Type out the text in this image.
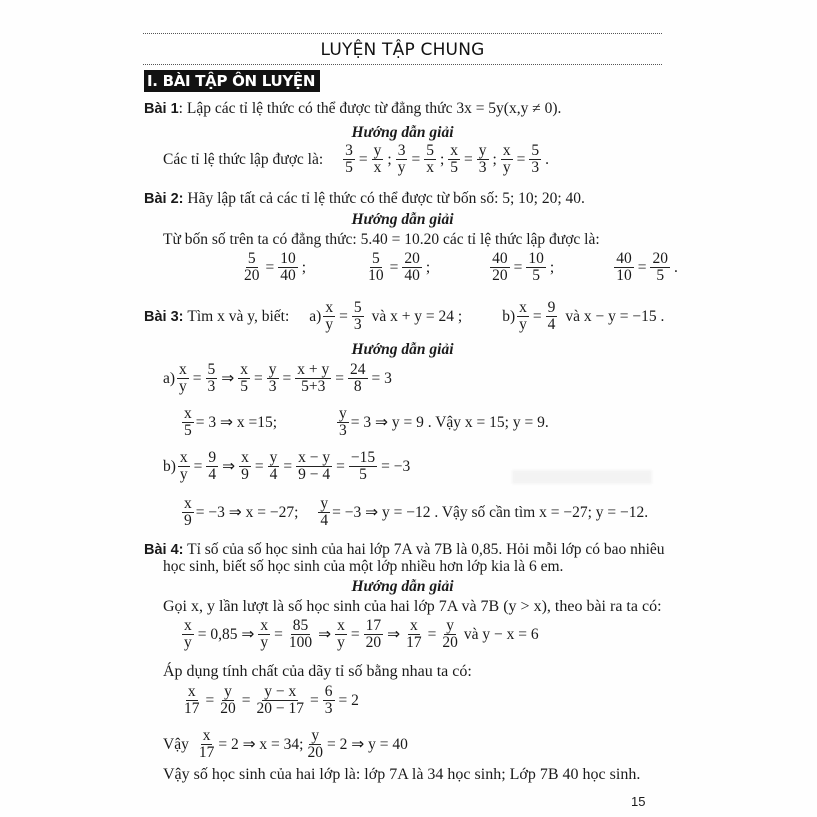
LUYỆN TẬP CHUNG
I. BÀI TẬP ÔN LUYỆN
Bài 1: Lập các tỉ lệ thức có thể được từ đẳng thức 3x = 5y(x,y ≠ 0).
Hướng dẫn giải
Các tỉ lệ thức lập được là: $\frac{3}{5} = \frac{y}{x}$ ; $\frac{3}{y} = \frac{5}{x}$ ; $\frac{x}{5} = \frac{y}{3}$ ; $\frac{x}{y} = \frac{5}{3}$ .
Bài 2: Hãy lập tất cả các tỉ lệ thức có thể được từ bốn số: 5; 10; 20; 40.
Hướng dẫn giải
Từ bốn số trên ta có đẳng thức: 5.40 = 10.20 các tỉ lệ thức lập được là:
$\frac{5}{20} = \frac{10}{40}$ ;	$\frac{5}{10} = \frac{20}{40}$ ;	$\frac{40}{20} = \frac{10}{5}$ ;	$\frac{40}{10} = \frac{20}{5}$ .
Bài 3:
Tìm x và y, biết: $a) \frac{x}{y} = \frac{5}{3}$ và x + y = 24 ;	$b) \frac{x}{y} = \frac{9}{4}$ và x − y = −15 .
Hướng dẫn giải
$a) \frac{x}{y} = \frac{5}{3}$ ⇒ $\frac{x}{5} = \frac{y}{3} = \frac{x + y}{5+3} = \frac{24}{8} = 3$
$\frac{x}{5} = 3$ ⇒ x =15;	$\frac{y}{3} = 3$ ⇒ y = 9 . Vậy x = 15; y = 9.
$b) \frac{x}{y} = \frac{9}{4}$ ⇒ $\frac{x}{9} = \frac{y}{4} = \frac{x - y}{9 - 4} = \frac{-15}{5} = -3$
$\frac{x}{9} = -3$ ⇒ x = −27; $\frac{y}{4} = -3$ ⇒ y = −12 . Vậy số cần tìm x = −27; y = −12.
Bài 4: Tỉ số của số học sinh của hai lớp 7A và 7B là 0,85. Hỏi mỗi lớp có bao nhiêu
học sinh, biết số học sinh của một lớp nhiều hơn lớp kia là 6 em.
Hướng dẫn giải
Gọi x, y lần lượt là số học sinh của hai lớp 7A và 7B (y > x), theo bài ra ta có:
$\frac{x}{y} = 0,85$ ⇒ $\frac{x}{y} = \frac{85}{100}$ ⇒ $\frac{x}{y} = \frac{17}{20}$ ⇒ $\frac{x}{17} = \frac{y}{20}$ và y − x = 6
Áp dụng tính chất của dãy tỉ số bằng nhau ta có:
$\frac{x}{17} = \frac{y}{20} = \frac{y - x}{20 - 17} = \frac{6}{3} = 2$
Vậy $\frac{x}{17} = 2$ ⇒ x = 34; $\frac{y}{20} = 2$ ⇒ y = 40
Vậy số học sinh của hai lớp là: lớp 7A là 34 học sinh; Lớp 7B 40 học sinh.
15
